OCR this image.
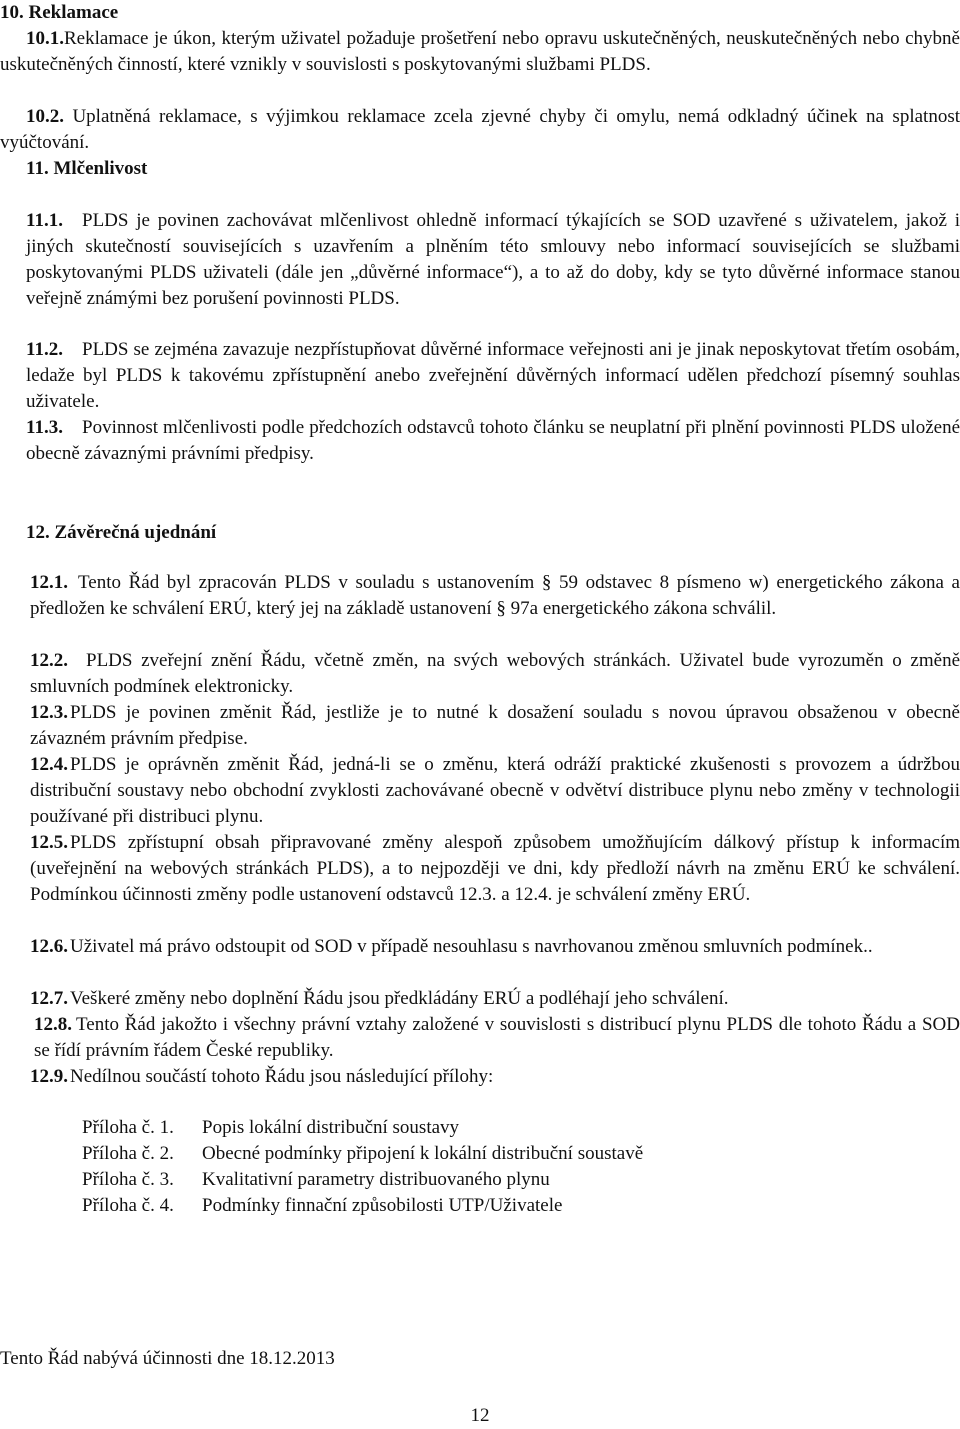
10. Reklamace
10.1.Reklamace je úkon, kterým uživatel požaduje prošetření nebo opravu uskutečněných, neuskutečněných nebo chybně uskutečněných činností, které vznikly v souvislosti s poskytovanými službami PLDS.
10.2. Uplatněná reklamace, s výjimkou reklamace zcela zjevné chyby či omylu, nemá odkladný účinek na splatnost vyúčtování.
11. Mlčenlivost
11.1.	PLDS je povinen zachovávat mlčenlivost ohledně informací týkajících se SOD uzavřené s uživatelem, jakož i jiných skutečností souvisejících s uzavřením a plněním této smlouvy nebo informací souvisejících se službami poskytovanými PLDS uživateli (dále jen „důvěrné informace“), a to až do doby, kdy se tyto důvěrné informace stanou veřejně známými bez porušení povinnosti PLDS.
11.2.	PLDS se zejména zavazuje nezpřístupňovat důvěrné informace veřejnosti ani je jinak neposkytovat třetím osobám, ledaže byl PLDS k takovému zpřístupnění anebo zveřejnění důvěrných informací udělen předchozí písemný souhlas uživatele.
11.3.	Povinnost mlčenlivosti podle předchozích odstavců tohoto článku se neuplatní při plnění povinnosti PLDS uložené obecně závaznými právními předpisy.
12. Závěrečná ujednání
12.1. Tento Řád byl zpracován PLDS v souladu s ustanovením § 59 odstavec 8 písmeno w) energetického zákona a předložen ke schválení ERÚ, který jej na základě ustanovení § 97a energetického zákona schválil.
12.2. PLDS zveřejní znění Řádu, včetně změn, na svých webových stránkách. Uživatel bude vyrozuměn o změně smluvních podmínek elektronicky.
12.3. PLDS je povinen změnit Řád, jestliže je to nutné k dosažení souladu s novou úpravou obsaženou v obecně závazném právním předpise.
12.4. PLDS je oprávněn změnit Řád, jedná-li se o změnu, která odráží praktické zkušenosti s provozem a údržbou distribuční soustavy nebo obchodní zvyklosti zachovávané obecně v odvětví distribuce plynu nebo změny v technologii používané při distribuci plynu.
12.5. PLDS zpřístupní obsah připravované změny alespoň způsobem umožňujícím dálkový přístup k informacím (uveřejnění na webových stránkách PLDS), a to nejpozději ve dni, kdy předloží návrh na změnu ERÚ ke schválení. Podmínkou účinnosti změny podle ustanovení odstavců 12.3. a 12.4. je schválení změny ERÚ.
12.6. Uživatel má právo odstoupit od SOD v případě nesouhlasu s navrhovanou změnou smluvních podmínek..
12.7. Veškeré změny nebo doplnění Řádu jsou předkládány ERÚ a podléhají jeho schválení.
12.8. Tento Řád jakožto i všechny právní vztahy založené v souvislosti s distribucí plynu PLDS dle tohoto Řádu a SOD se řídí právním řádem České republiky.
12.9. Nedílnou součástí tohoto Řádu jsou následující přílohy:
Příloha č. 1. Popis lokální distribuční soustavy
Příloha č. 2. Obecné podmínky připojení k lokální distribuční soustavě
Příloha č. 3. Kvalitativní parametry distribuovaného plynu
Příloha č. 4. Podmínky finnační způsobilosti UTP/Uživatele
Tento Řád nabývá účinnosti dne 18.12.2013
12
